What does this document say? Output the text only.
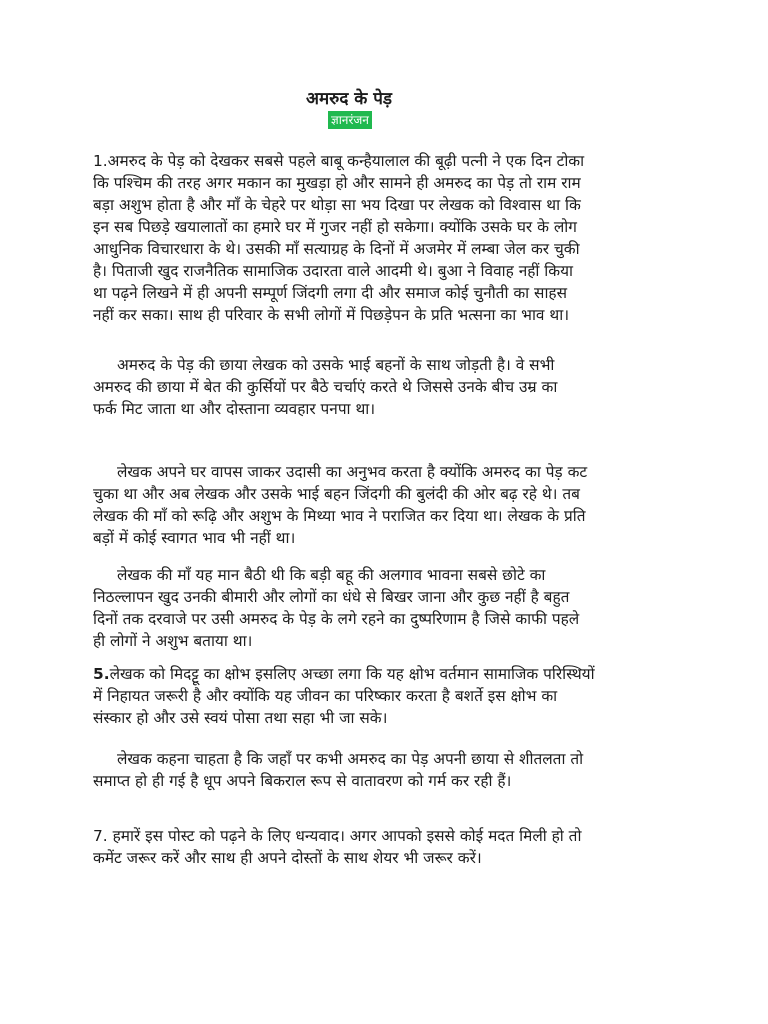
अमरुद के पेड़
ज्ञानरंजन

1.अमरुद के पेड़ को देखकर सबसे पहले बाबू कन्हैयालाल की बूढ़ी पत्नी ने एक दिन टोका
कि पश्चिम की तरह अगर मकान का मुखड़ा हो और सामने ही अमरुद का पेड़ तो राम राम
बड़ा अशुभ होता है और माँ के चेहरे पर थोड़ा सा भय दिखा पर लेखक को विश्वास था कि
इन सब पिछड़े खयालातों का हमारे घर में गुजर नहीं हो सकेगा। क्योंकि उसके घर के लोग
आधुनिक विचारधारा के थे। उसकी माँ सत्याग्रह के दिनों में अजमेर में लम्बा जेल कर चुकी
है। पिताजी खुद राजनैतिक सामाजिक उदारता वाले आदमी थे। बुआ ने विवाह नहीं किया
था पढ़ने लिखने में ही अपनी सम्पूर्ण जिंदगी लगा दी और समाज कोई चुनौती का साहस
नहीं कर सका। साथ ही परिवार के सभी लोगों में पिछड़ेपन के प्रति भत्सना का भाव था।

अमरुद के पेड़ की छाया लेखक को उसके भाई बहनों के साथ जोड़ती है। वे सभी
अमरुद की छाया में बेत की कुर्सियों पर बैठे चर्चाएं करते थे जिससे उनके बीच उम्र का
फर्क मिट जाता था और दोस्ताना व्यवहार पनपा था।

लेखक अपने घर वापस जाकर उदासी का अनुभव करता है क्योंकि अमरुद का पेड़ कट
चुका था और अब लेखक और उसके भाई बहन जिंदगी की बुलंदी की ओर बढ़ रहे थे। तब
लेखक की माँ को रूढ़ि और अशुभ के मिथ्या भाव ने पराजित कर दिया था। लेखक के प्रति
बड़ों में कोई स्वागत भाव भी नहीं था।

लेखक की माँ यह मान बैठी थी कि बड़ी बहू की अलगाव भावना सबसे छोटे का
निठल्लापन खुद उनकी बीमारी और लोगों का धंधे से बिखर जाना और कुछ नहीं है बहुत
दिनों तक दरवाजे पर उसी अमरुद के पेड़ के लगे रहने का दुष्परिणाम है जिसे काफी पहले
ही लोगों ने अशुभ बताया था।

5.लेखक को मिदट्टू का क्षोभ इसलिए अच्छा लगा कि यह क्षोभ वर्तमान सामाजिक परिस्थियों
में निहायत जरूरी है और क्योंकि यह जीवन का परिष्कार करता है बशर्ते इस क्षोभ का
संस्कार हो और उसे स्वयं पोसा तथा सहा भी जा सके।

लेखक कहना चाहता है कि जहाँ पर कभी अमरुद का पेड़ अपनी छाया से शीतलता तो
समाप्त हो ही गई है धूप अपने बिकराल रूप से वातावरण को गर्म कर रही हैं।

7. हमारें इस पोस्ट को पढ़ने के लिए धन्यवाद। अगर आपको इससे कोई मदत मिली हो तो
कमेंट जरूर करें और साथ ही अपने दोस्तों के साथ शेयर भी जरूर करें।
